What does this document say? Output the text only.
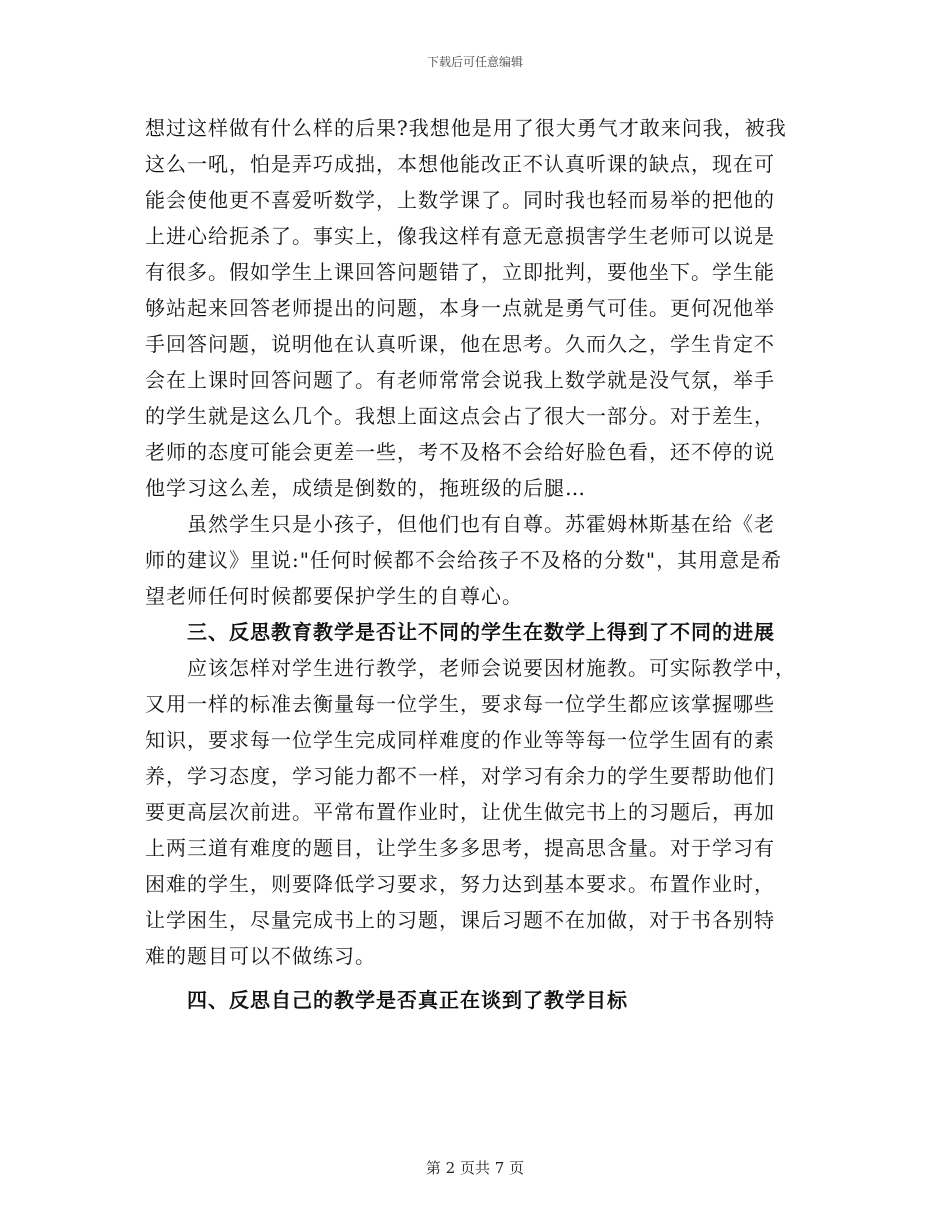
下载后可任意编辑
想过这样做有什么样的后果?我想他是用了很大勇气才敢来问我，被我
这么一吼，怕是弄巧成拙，本想他能改正不认真听课的缺点，现在可
能会使他更不喜爱听数学，上数学课了。同时我也轻而易举的把他的
上进心给扼杀了。事实上，像我这样有意无意损害学生老师可以说是
有很多。假如学生上课回答问题错了，立即批判，要他坐下。学生能
够站起来回答老师提出的问题，本身一点就是勇气可佳。更何况他举
手回答问题，说明他在认真听课，他在思考。久而久之，学生肯定不
会在上课时回答问题了。有老师常常会说我上数学就是没气氛，举手
的学生就是这么几个。我想上面这点会占了很大一部分。对于差生，
老师的态度可能会更差一些，考不及格不会给好脸色看，还不停的说
他学习这么差，成绩是倒数的，拖班级的后腿…
虽然学生只是小孩子，但他们也有自尊。苏霍姆林斯基在给《老
师的建议》里说:"任何时候都不会给孩子不及格的分数"，其用意是希
望老师任何时候都要保护学生的自尊心。
三、反思教育教学是否让不同的学生在数学上得到了不同的进展
应该怎样对学生进行教学，老师会说要因材施教。可实际教学中，
又用一样的标准去衡量每一位学生，要求每一位学生都应该掌握哪些
知识，要求每一位学生完成同样难度的作业等等每一位学生固有的素
养，学习态度，学习能力都不一样，对学习有余力的学生要帮助他们
要更高层次前进。平常布置作业时，让优生做完书上的习题后，再加
上两三道有难度的题目，让学生多多思考，提高思含量。对于学习有
困难的学生，则要降低学习要求，努力达到基本要求。布置作业时，
让学困生，尽量完成书上的习题，课后习题不在加做，对于书各别特
难的题目可以不做练习。
四、反思自己的教学是否真正在谈到了教学目标
第 2 页共 7 页
